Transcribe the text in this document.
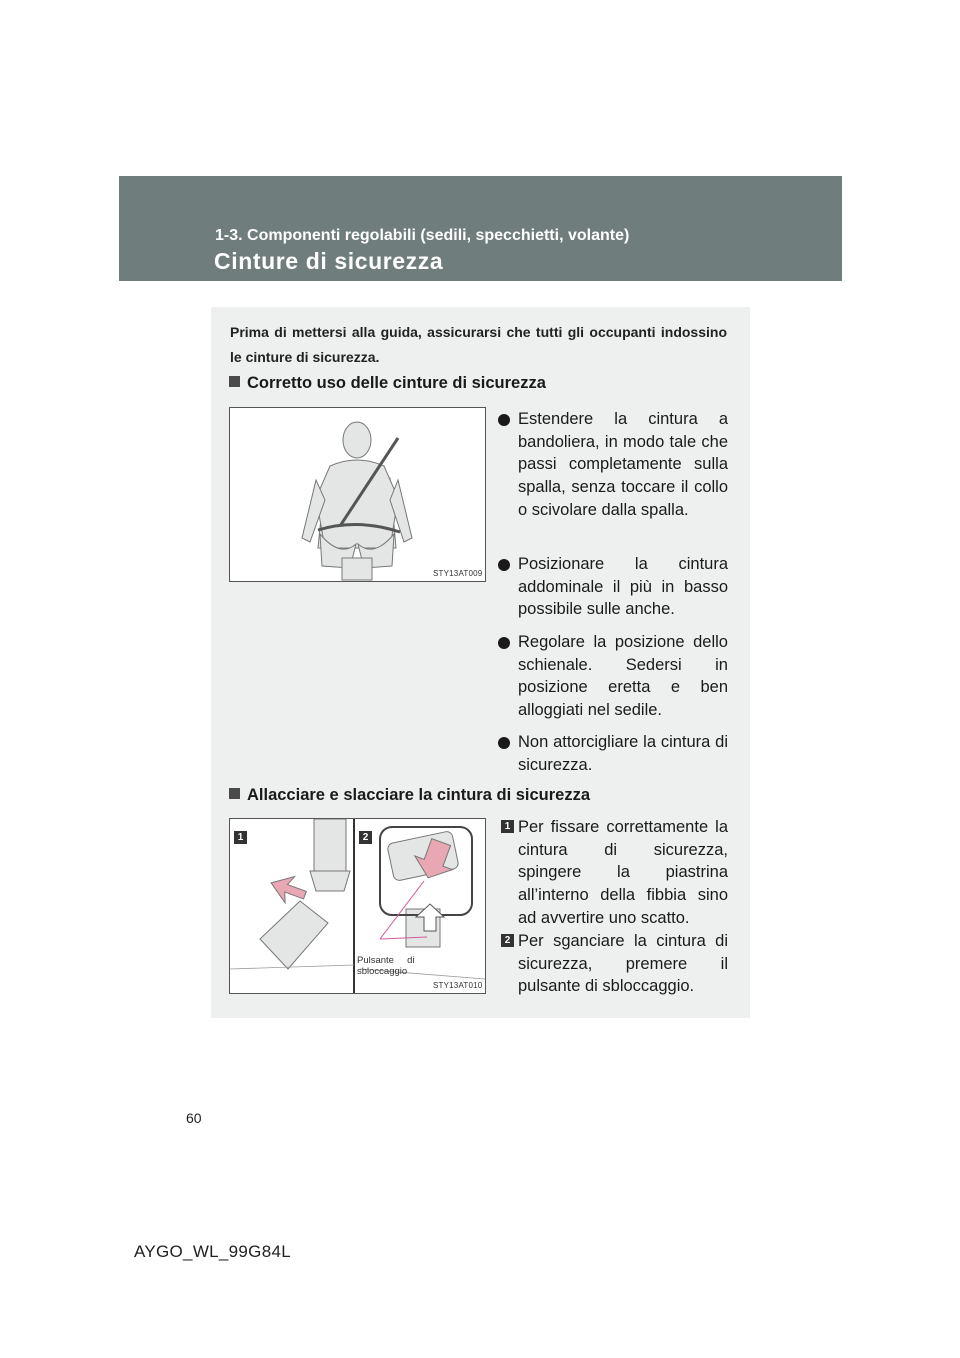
1-3. Componenti regolabili (sedili, specchietti, volante)
Cinture di sicurezza
Prima di mettersi alla guida, assicurarsi che tutti gli occupanti indossino le cinture di sicurezza.
Corretto uso delle cinture di sicurezza
STY13AT009
Estendere la cintura a bandoliera, in modo tale che passi completamente sulla spalla, senza toccare il collo o scivolare dalla spalla.
Posizionare la cintura addominale il più in basso possibile sulle anche.
Regolare la posizione dello schienale. Sedersi in posizione eretta e ben alloggiati nel sedile.
Non attorcigliare la cintura di sicurezza.
Allacciare e slacciare la cintura di sicurezza
1	2
Pulsante     di
sbloccaggio
STY13AT010
1 Per fissare correttamente la cintura di sicurezza, spingere la piastrina all’interno della fibbia sino ad avvertire uno scatto.
2 Per sganciare la cintura di sicurezza, premere il pulsante di sbloccaggio.
60
AYGO_WL_99G84L
